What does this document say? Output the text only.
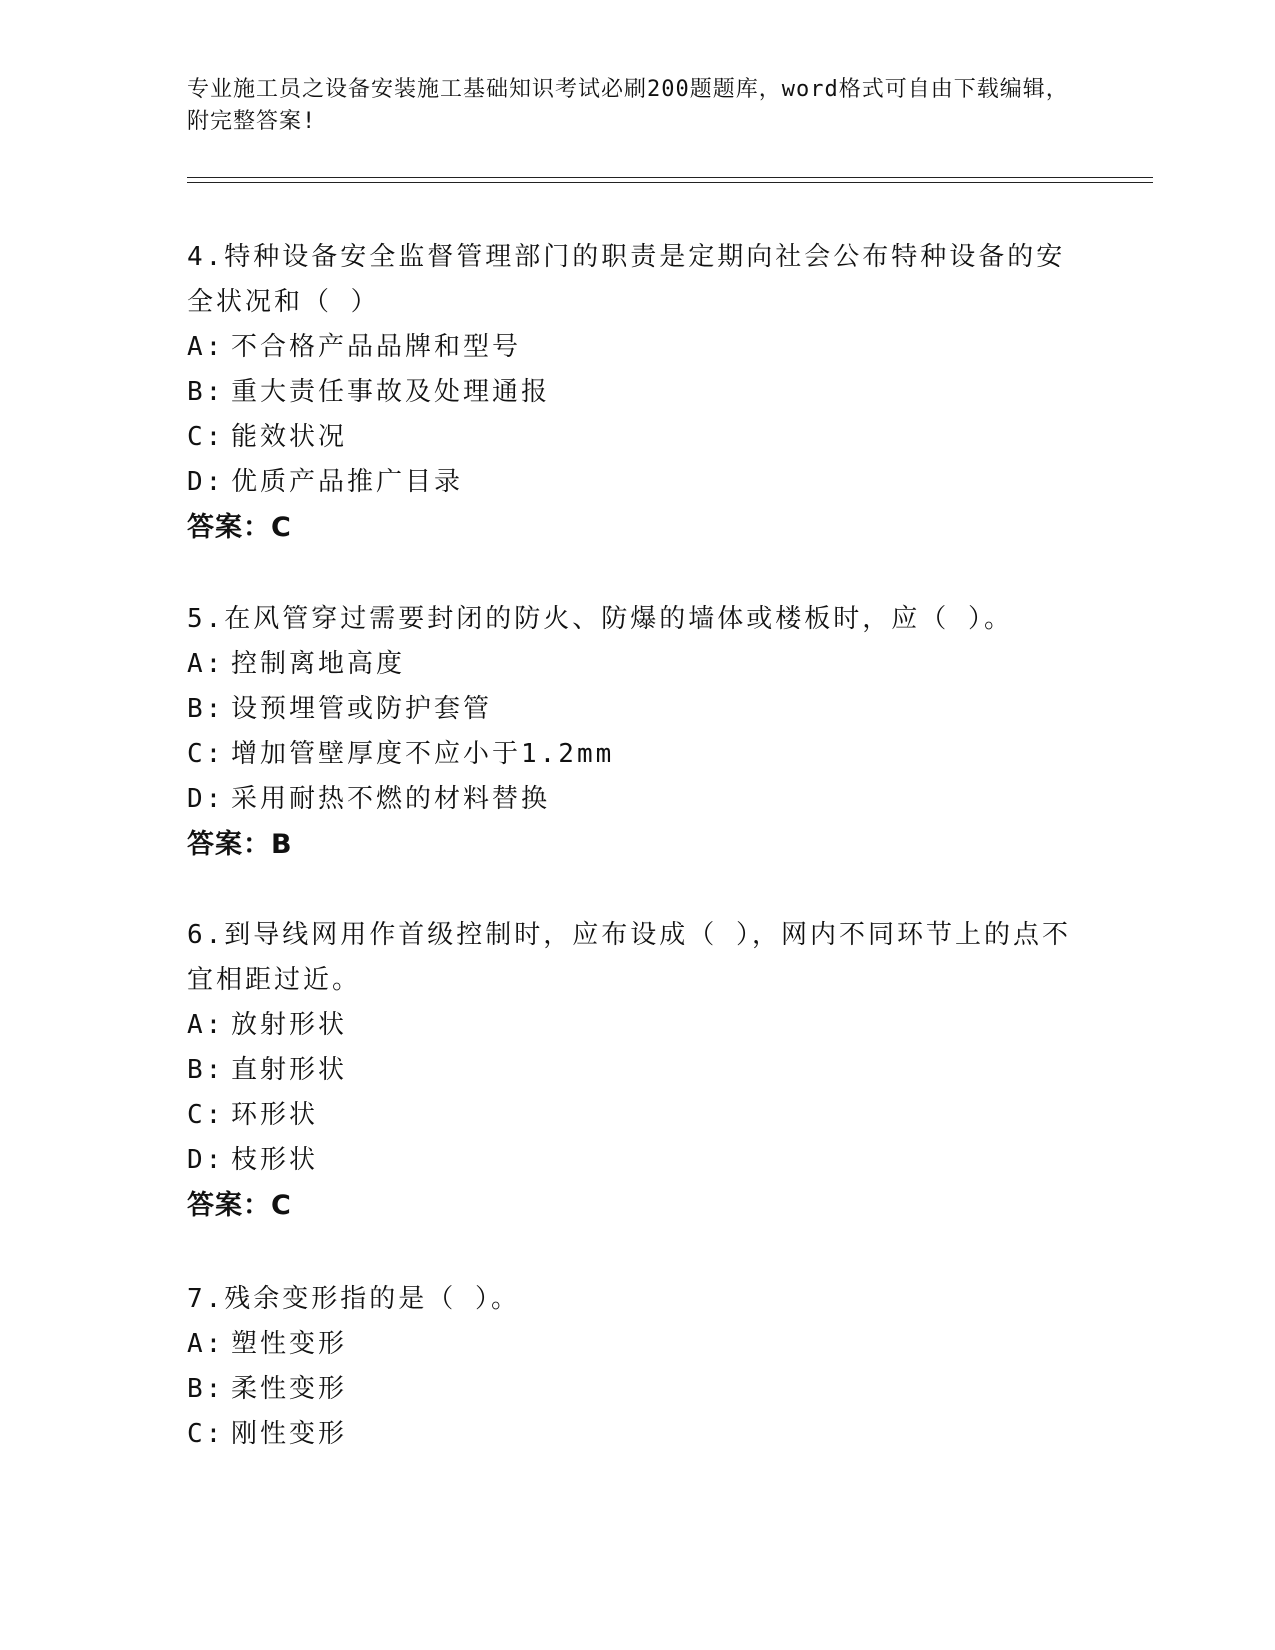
专业施工员之设备安装施工基础知识考试必刷200题题库，word格式可自由下载编辑，附完整答案!

4.特种设备安全监督管理部门的职责是定期向社会公布特种设备的安全状况和（ ）

A: 不合格产品品牌和型号

B: 重大责任事故及处理通报

C: 能效状况

D: 优质产品推广目录

答案：C

5.在风管穿过需要封闭的防火、防爆的墙体或楼板时，应（ ）。

A: 控制离地高度

B: 设预埋管或防护套管

C: 增加管壁厚度不应小于1.2mm

D: 采用耐热不燃的材料替换

答案：B

6.到导线网用作首级控制时，应布设成（ ），网内不同环节上的点不宜相距过近。

A: 放射形状

B: 直射形状

C: 环形状

D: 枝形状

答案：C

7.残余变形指的是（ ）。

A: 塑性变形

B: 柔性变形

C: 刚性变形
